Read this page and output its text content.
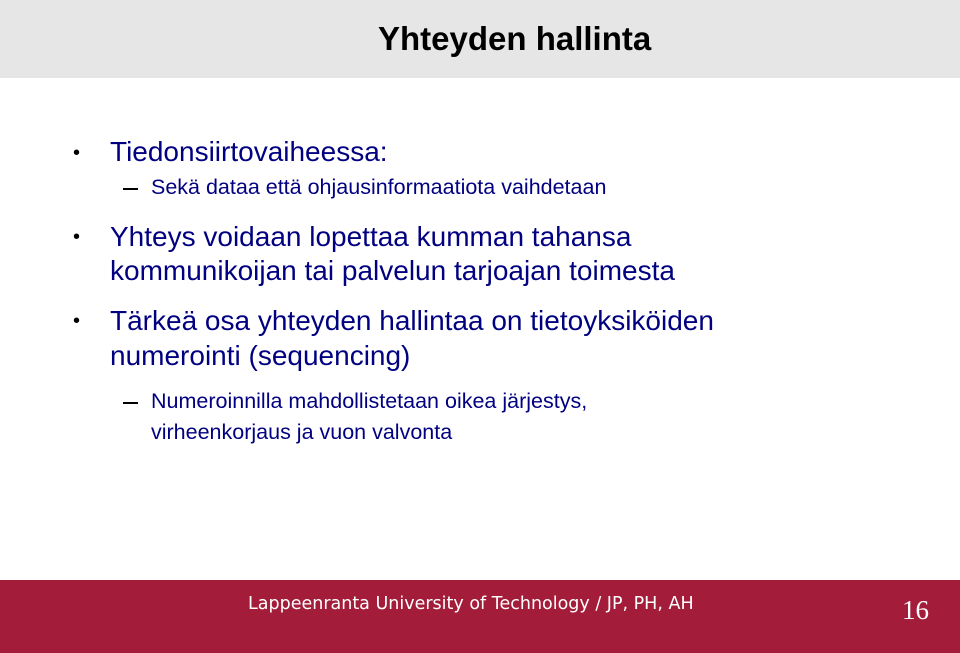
Yhteyden hallinta
• Tiedonsiirtovaiheessa:

Sekä dataa että ohjausinformaatiota vaihdetaan

• Yhteys voidaan lopettaa kumman tahansa

kommunikoijan tai palvelun tarjoajan toimesta

• Tärkeä osa yhteyden hallintaa on tietoyksiköiden

numerointi (sequencing)

Numeroinnilla mahdollistetaan oikea järjestys,

virheenkorjaus ja vuon valvonta

Lappeenranta University of Technology / JP, PH, AH	16
